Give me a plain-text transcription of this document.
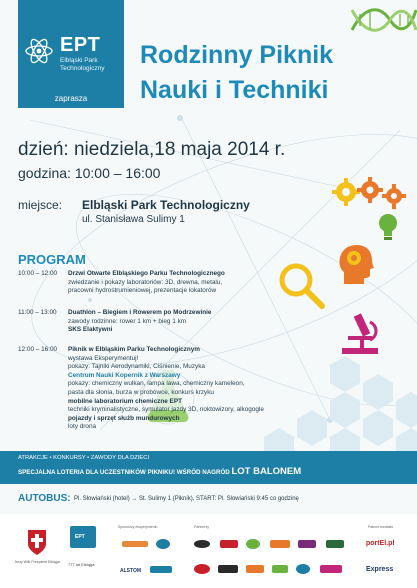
EPT
Elbląski Park Technologiczny
zaprasza
Rodzinny Piknik
Nauki i Techniki
dzień: niedziela,18 maja 2014 r.
godzina: 10:00 – 16:00
miejsce: Elbląski Park Technologiczny
ul. Stanisława Sulimy 1
PROGRAM
10:00 – 12:00 Drzwi Otwarte Elbląskiego Parku Technologicznego
zwiedzanie i pokazy laboratoriów: 3D, drewna, metalu,
pracowni hydrostrumieniowej, prezentacje lokatorów
11:00 – 13:00 Duathlon – Biegiem i Rowerem po Modrzewinie
zawody rodzinne: rower 1 km + bieg 1 km
SKS Elaktywni
12:00 – 16:00 Piknik w Elbląskim Parku Technologicznym
wystawa Eksperymentuj!
pokazy: Tajniki Aerodynamiki, Ciśnienie, Muzyka
Centrum Nauki Kopernik z Warszawy
pokazy: chemiczny wulkan, lampa lawa, chemiczny kameleon,
pasta dla słonia, burza w probówce, konkurs krzyku
mobilne laboratorium chemiczne EPT
techniki kryminalistyczne, symulator jazdy 3D, noktowizory, alkogogle
pojazdy i sprzęt służb mundurowych
loty drona
ATRAKCJE • KONKURSY • ZAWODY DLA DZIECI
SPECJALNA LOTERIA DLA UCZESTNIKÓW PIKNIKU! WŚRÓD NAGRÓD LOT BALONEM
AUTOBUS: Pl. Słowiański (hotel) → St. Sulimy 1 (Piknik), START: Pl. Słowiański 9:45 co godzinę
Jerzy Wilk Prezydent Elbląga
EPT
777 lat Elbląga
Sponsorzy eksperymentu	Partnerzy	Patroni medialni
ALSTOM
portEl.pl
Express
